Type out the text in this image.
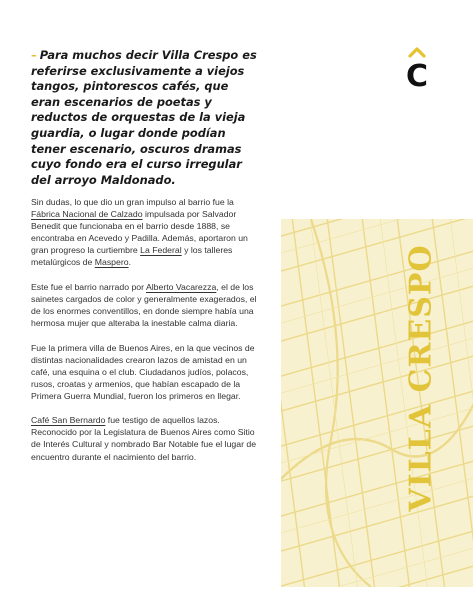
– Para muchos decir Villa Crespo es referirse exclusivamente a viejos tangos, pintorescos cafés, que eran escenarios de poetas y reductos de orquestas de la vieja guardia, o lugar donde podían tener escenario, oscuros dramas cuyo fondo era el curso irregular del arroyo Maldonado.
C

Sin dudas, lo que dio un gran impulso al barrio fue la Fábrica Nacional de Calzado impulsada por Salvador Benedit que funcionaba en el barrio desde 1888, se encontraba en Acevedo y Padilla. Además, aportaron un gran progreso la curtiembre La Federal y los talleres metalúrgicos de Maspero.

Este fue el barrio narrado por Alberto Vacarezza, el de los sainetes cargados de color y generalmente exagerados, el de los enormes conventillos, en donde siempre había una hermosa mujer que alteraba la inestable calma diaria.

Fue la primera villa de Buenos Aires, en la que vecinos de distintas nacionalidades crearon lazos de amistad en un café, una esquina o el club. Ciudadanos judíos, polacos, rusos, croatas y armenios, que habían escapado de la Primera Guerra Mundial, fueron los primeros en llegar.

Café San Bernardo fue testigo de aquellos lazos. Reconocido por la Legislatura de Buenos Aires como Sitio de Interés Cultural y nombrado Bar Notable fue el lugar de encuentro durante el nacimiento del barrio.	VILLA CRESPO
